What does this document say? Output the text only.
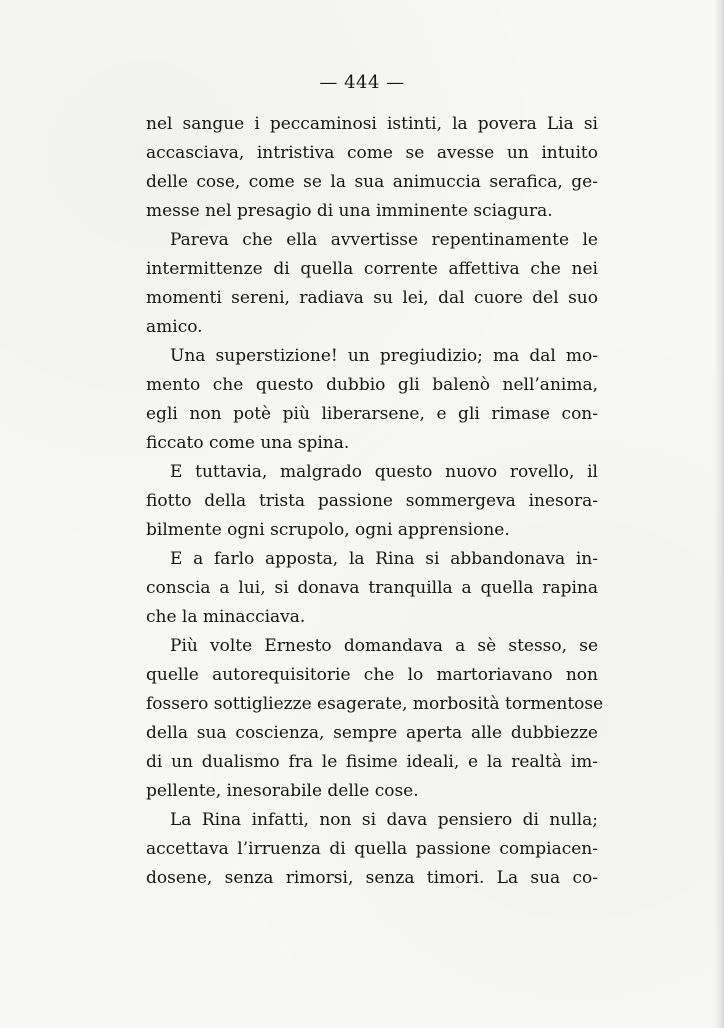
— 444 —
nel sangue i peccaminosi istinti, la povera Lia si
accasciava, intristiva come se avesse un intuito
delle cose, come se la sua animuccia serafica, ge-
messe nel presagio di una imminente sciagura.
Pareva che ella avvertisse repentinamente le
intermittenze di quella corrente affettiva che nei
momenti sereni, radiava su lei, dal cuore del suo
amico.
Una superstizione! un pregiudizio; ma dal mo-
mento che questo dubbio gli balenò nell’anima,
egli non potè più liberarsene, e gli rimase con-
ficcato come una spina.
E tuttavia, malgrado questo nuovo rovello, il
fiotto della trista passione sommergeva inesora-
bilmente ogni scrupolo, ogni apprensione.
E a farlo apposta, la Rina si abbandonava in-
conscia a lui, si donava tranquilla a quella rapina
che la minacciava.
Più volte Ernesto domandava a sè stesso, se
quelle autorequisitorie che lo martoriavano non
fossero sottigliezze esagerate, morbosità tormentose
della sua coscienza, sempre aperta alle dubbiezze
di un dualismo fra le fisime ideali, e la realtà im-
pellente, inesorabile delle cose.
La Rina infatti, non si dava pensiero di nulla;
accettava l’irruenza di quella passione compiacen-
dosene, senza rimorsi, senza timori. La sua co-
